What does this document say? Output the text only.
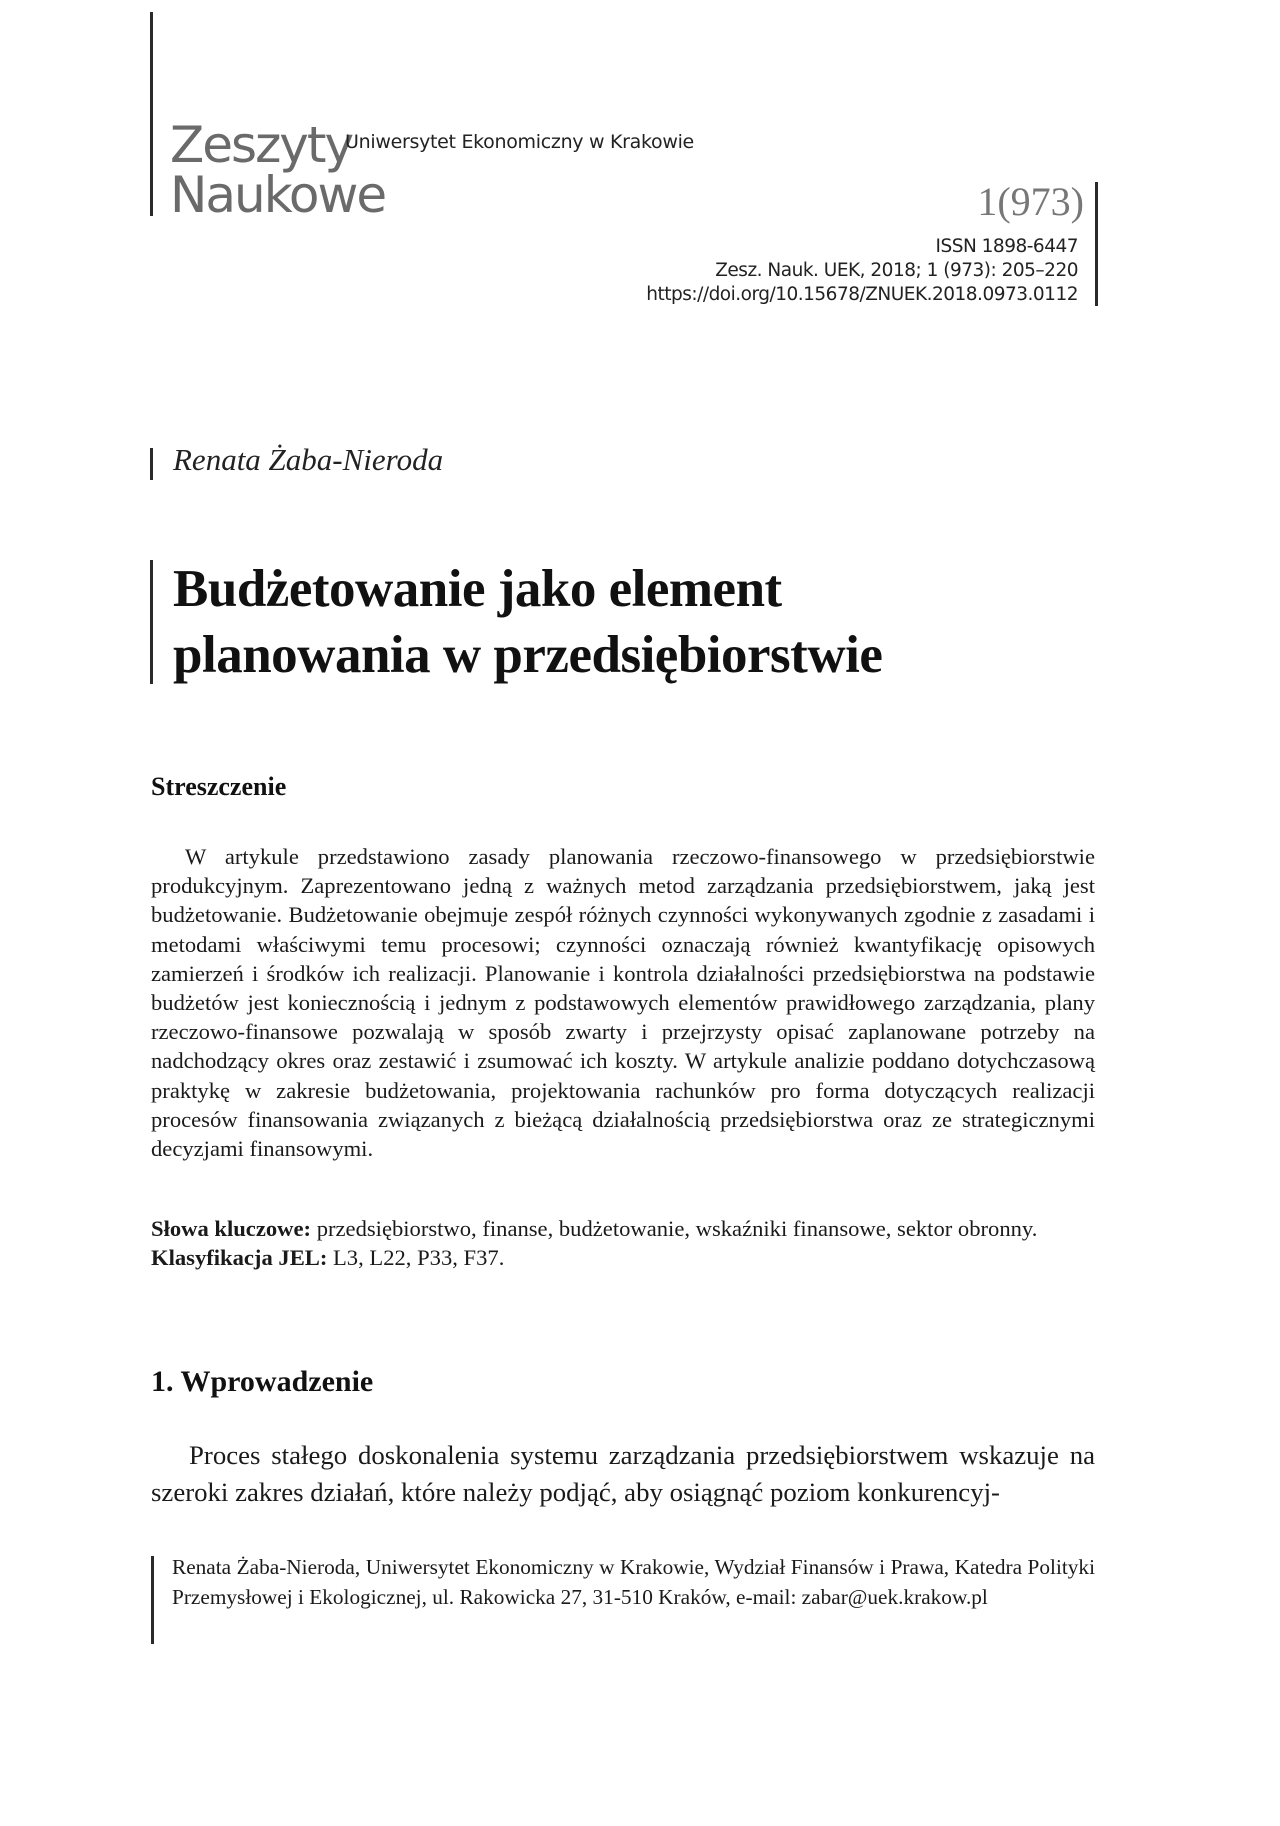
Zeszyty
Naukowe
Uniwersytet Ekonomiczny w Krakowie
1(973)
ISSN 1898-6447
Zesz. Nauk. UEK, 2018; 1 (973): 205–220
https://doi.org/10.15678/ZNUEK.2018.0973.0112
Renata Żaba-Nieroda
Budżetowanie jako element
planowania w przedsiębiorstwie
Streszczenie

W artykule przedstawiono zasady planowania rzeczowo-finansowego w przedsiębiorstwie produkcyjnym. Zaprezentowano jedną z ważnych metod zarządzania przedsiębiorstwem, jaką jest budżetowanie. Budżetowanie obejmuje zespół różnych czynności wykonywanych zgodnie z zasadami i metodami właściwymi temu procesowi; czynności oznaczają również kwantyfikację opisowych zamierzeń i środków ich realizacji. Planowanie i kontrola działalności przedsiębiorstwa na podstawie budżetów jest koniecznością i jednym z podstawowych elementów prawidłowego zarządzania, plany rzeczowo-finansowe pozwalają w sposób zwarty i przejrzysty opisać zaplanowane potrzeby na nadchodzący okres oraz zestawić i zsumować ich koszty. W artykule analizie poddano dotychczasową praktykę w zakresie budżetowania, projektowania rachunków pro forma dotyczących realizacji procesów finansowania związanych z bieżącą działalnością przedsiębiorstwa oraz ze strategicznymi decyzjami finansowymi.

Słowa kluczowe: przedsiębiorstwo, finanse, budżetowanie, wskaźniki finansowe, sektor obronny.

Klasyfikacja JEL: L3, L22, P33, F37.

1. Wprowadzenie

Proces stałego doskonalenia systemu zarządzania przedsiębiorstwem wskazuje na szeroki zakres działań, które należy podjąć, aby osiągnąć poziom konkurencyj-

Renata Żaba-Nieroda, Uniwersytet Ekonomiczny w Krakowie, Wydział Finansów i Prawa, Katedra Polityki Przemysłowej i Ekologicznej, ul. Rakowicka 27, 31-510 Kraków, e-mail: zabar@uek.krakow.pl
